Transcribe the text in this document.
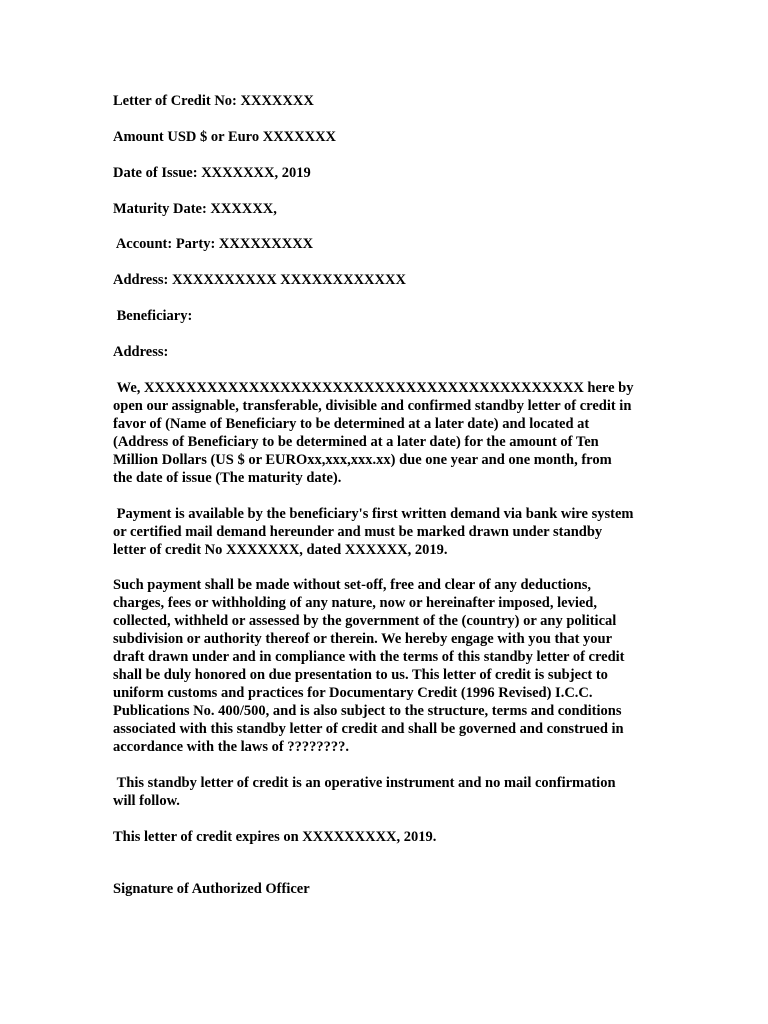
Letter of Credit No: XXXXXXX

Amount USD $ or Euro XXXXXXX

Date of Issue: XXXXXXX, 2019

Maturity Date: XXXXXX,

Account: Party: XXXXXXXXX

Address: XXXXXXXXXX XXXXXXXXXXXX

Beneficiary:

Address:

We, XXXXXXXXXXXXXXXXXXXXXXXXXXXXXXXXXXXXXXXXXX here by
open our assignable, transferable, divisible and confirmed standby letter of credit in
favor of (Name of Beneficiary to be determined at a later date) and located at
(Address of Beneficiary to be determined at a later date) for the amount of Ten
Million Dollars (US $ or EUROxx,xxx,xxx.xx) due one year and one month, from
the date of issue (The maturity date).

Payment is available by the beneficiary's first written demand via bank wire system
or certified mail demand hereunder and must be marked drawn under standby
letter of credit No XXXXXXX, dated XXXXXX, 2019.

Such payment shall be made without set-off, free and clear of any deductions,
charges, fees or withholding of any nature, now or hereinafter imposed, levied,
collected, withheld or assessed by the government of the (country) or any political
subdivision or authority thereof or therein. We hereby engage with you that your
draft drawn under and in compliance with the terms of this standby letter of credit
shall be duly honored on due presentation to us. This letter of credit is subject to
uniform customs and practices for Documentary Credit (1996 Revised) I.C.C.
Publications No. 400/500, and is also subject to the structure, terms and conditions
associated with this standby letter of credit and shall be governed and construed in
accordance with the laws of ????????.

This standby letter of credit is an operative instrument and no mail confirmation
will follow.

This letter of credit expires on XXXXXXXXX, 2019.

Signature of Authorized Officer
